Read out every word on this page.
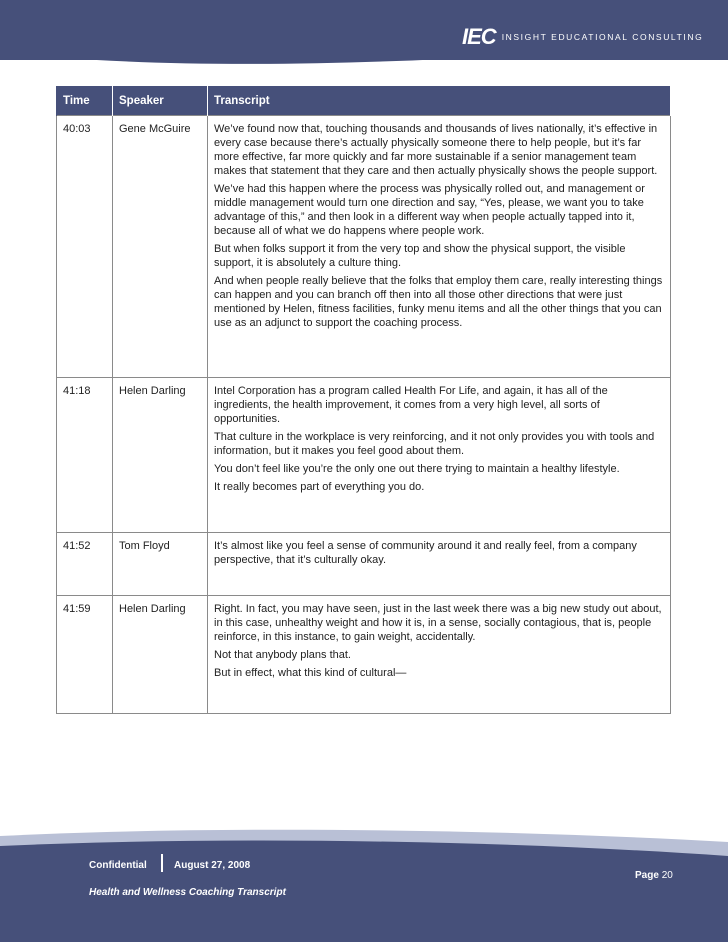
IEC INSIGHT EDUCATIONAL CONSULTING
Time	Speaker	Transcript
40:03	Gene McGuire	We’ve found now that, touching thousands and thousands of lives nationally, it’s effective in every case because there’s actually physically someone there to help people, but it’s far more effective, far more quickly and far more sustainable if a senior management team makes that statement that they care and then actually physically shows the people support.

We’ve had this happen where the process was physically rolled out, and management or middle management would turn one direction and say, “Yes, please, we want you to take advantage of this,” and then look in a different way when people actually tapped into it, because all of what we do happens where people work.

But when folks support it from the very top and show the physical support, the visible support, it is absolutely a culture thing.

And when people really believe that the folks that employ them care, really interesting things can happen and you can branch off then into all those other directions that were just mentioned by Helen, fitness facilities, funky menu items and all the other things that you can use as an adjunct to support the coaching process.

41:18	Helen Darling	Intel Corporation has a program called Health For Life, and again, it has all of the ingredients, the health improvement, it comes from a very high level, all sorts of opportunities.

That culture in the workplace is very reinforcing, and it not only provides you with tools and information, but it makes you feel good about them.

You don’t feel like you’re the only one out there trying to maintain a healthy lifestyle.

It really becomes part of everything you do.

41:52	Tom Floyd	It’s almost like you feel a sense of community around it and really feel, from a company perspective, that it’s culturally okay.

41:59	Helen Darling	Right. In fact, you may have seen, just in the last week there was a big new study out about, in this case, unhealthy weight and how it is, in a sense, socially contagious, that is, people reinforce, in this instance, to gain weight, accidentally.

Not that anybody plans that.

But in effect, what this kind of cultural—

Confidential	August 27, 2008
Health and Wellness Coaching Transcript
Page 20
